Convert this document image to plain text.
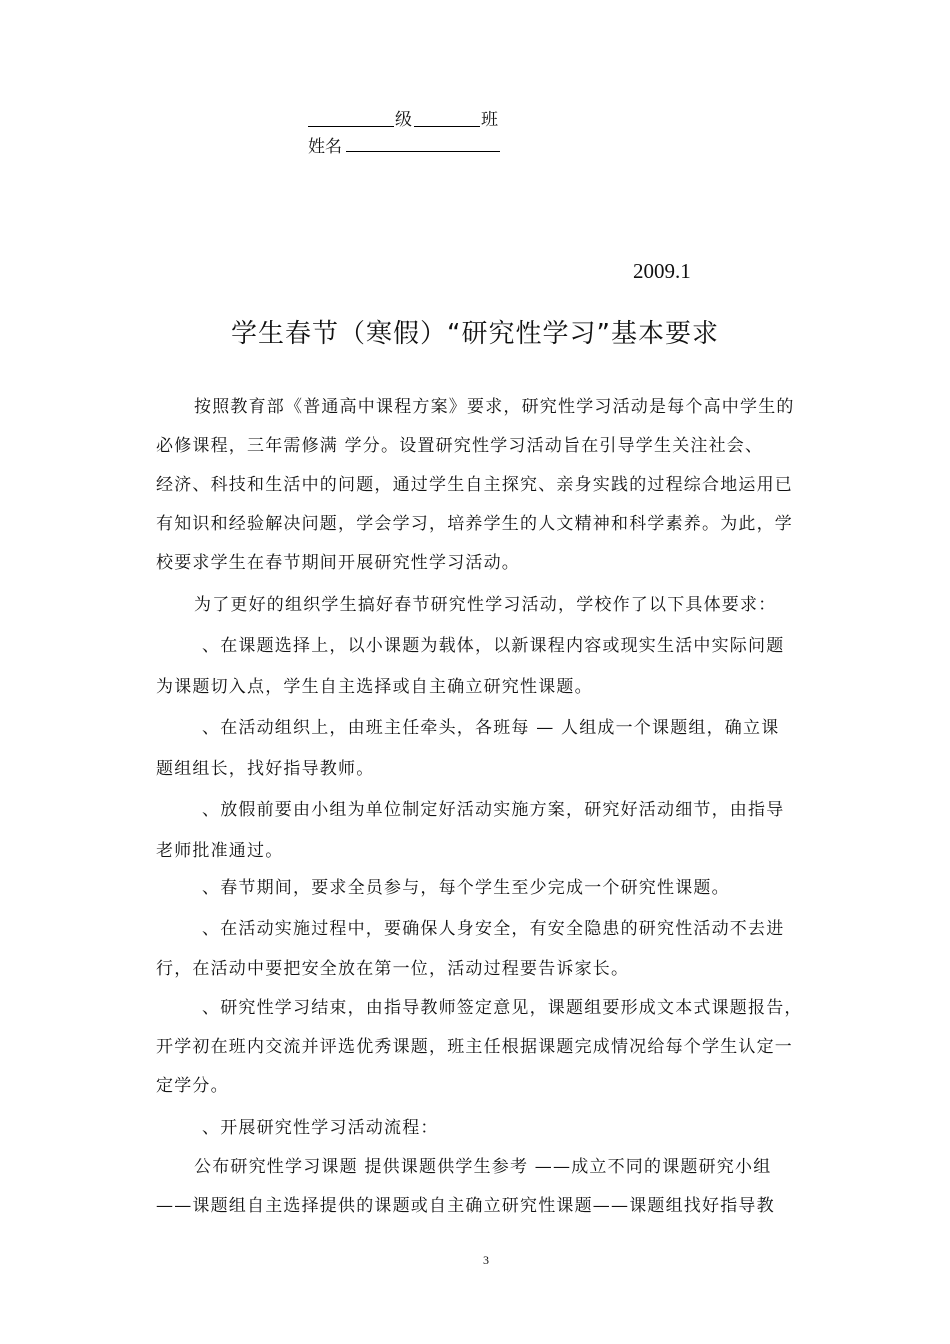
级	班
姓名
2009.1
学生春节（寒假）“研究性学习”基本要求
按照教育部《普通高中课程方案》要求，研究性学习活动是每个高中学生的
必修课程，三年需修满 学分。设置研究性学习活动旨在引导学生关注社会、
经济、科技和生活中的问题，通过学生自主探究、亲身实践的过程综合地运用已
有知识和经验解决问题，学会学习，培养学生的人文精神和科学素养。为此，学
校要求学生在春节期间开展研究性学习活动。
为了更好的组织学生搞好春节研究性学习活动，学校作了以下具体要求：
、在课题选择上，以小课题为载体，以新课程内容或现实生活中实际问题
为课题切入点，学生自主选择或自主确立研究性课题。
、在活动组织上，由班主任牵头，各班每 — 人组成一个课题组，确立课
题组组长，找好指导教师。
、放假前要由小组为单位制定好活动实施方案，研究好活动细节，由指导
老师批准通过。
、春节期间，要求全员参与，每个学生至少完成一个研究性课题。
、在活动实施过程中，要确保人身安全，有安全隐患的研究性活动不去进
行，在活动中要把安全放在第一位，活动过程要告诉家长。
、研究性学习结束，由指导教师签定意见，课题组要形成文本式课题报告，
开学初在班内交流并评选优秀课题，班主任根据课题完成情况给每个学生认定一
定学分。
、开展研究性学习活动流程：
公布研究性学习课题 提供课题供学生参考 ——成立不同的课题研究小组
——课题组自主选择提供的课题或自主确立研究性课题——课题组找好指导教
3
